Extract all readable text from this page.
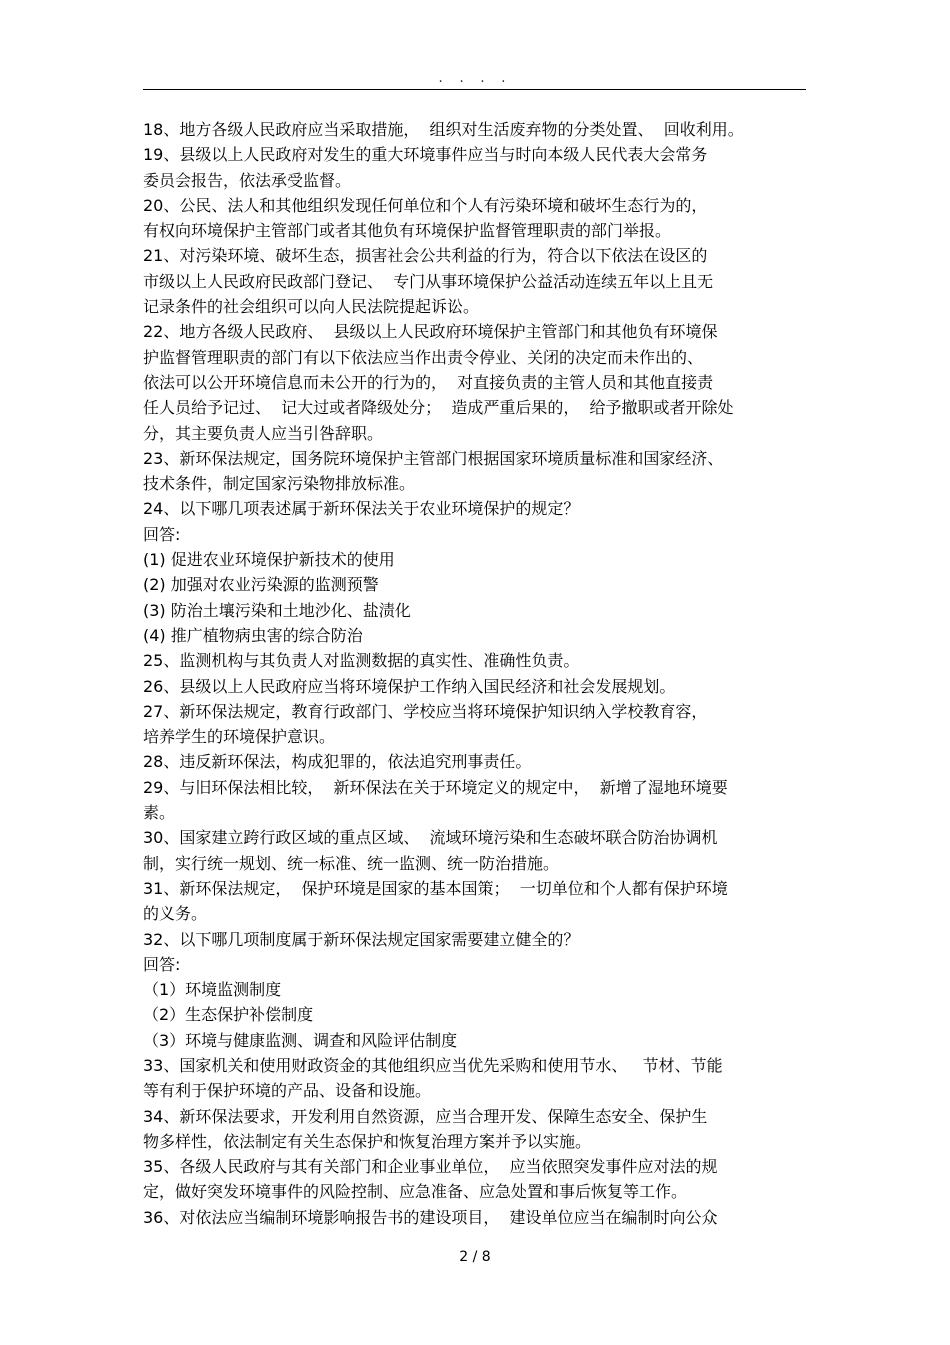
. . . .
18、地方各级人民政府应当采取措施，  组织对生活废弃物的分类处置、  回收利用。
19、县级以上人民政府对发生的重大环境事件应当与时向本级人民代表大会常务
委员会报告，依法承受监督。
20、公民、法人和其他组织发现任何单位和个人有污染环境和破坏生态行为的，
有权向环境保护主管部门或者其他负有环境保护监督管理职责的部门举报。
21、对污染环境、破坏生态，损害社会公共利益的行为，符合以下依法在设区的
市级以上人民政府民政部门登记、  专门从事环境保护公益活动连续五年以上且无
记录条件的社会组织可以向人民法院提起诉讼。
22、地方各级人民政府、  县级以上人民政府环境保护主管部门和其他负有环境保
护监督管理职责的部门有以下依法应当作出责令停业、关闭的决定而未作出的、
依法可以公开环境信息而未公开的行为的，  对直接负责的主管人员和其他直接责
任人员给予记过、  记大过或者降级处分；  造成严重后果的，  给予撤职或者开除处
分，其主要负责人应当引咎辞职。
23、新环保法规定，国务院环境保护主管部门根据国家环境质量标准和国家经济、
技术条件，制定国家污染物排放标准。
24、以下哪几项表述属于新环保法关于农业环境保护的规定？
回答:
(1) 促进农业环境保护新技术的使用
(2) 加强对农业污染源的监测预警
(3) 防治土壤污染和土地沙化、盐渍化
(4) 推广植物病虫害的综合防治
25、监测机构与其负责人对监测数据的真实性、准确性负责。
26、县级以上人民政府应当将环境保护工作纳入国民经济和社会发展规划。
27、新环保法规定，教育行政部门、学校应当将环境保护知识纳入学校教育容，
培养学生的环境保护意识。
28、违反新环保法，构成犯罪的，依法追究刑事责任。
29、与旧环保法相比较，  新环保法在关于环境定义的规定中，  新增了湿地环境要
素。
30、国家建立跨行政区域的重点区域、  流域环境污染和生态破坏联合防治协调机
制，实行统一规划、统一标准、统一监测、统一防治措施。
31、新环保法规定，  保护环境是国家的基本国策；  一切单位和个人都有保护环境
的义务。
32、以下哪几项制度属于新环保法规定国家需要建立健全的？
回答:
（1）环境监测制度
（2）生态保护补偿制度
（3）环境与健康监测、调查和风险评估制度
33、国家机关和使用财政资金的其他组织应当优先采购和使用节水、   节材、节能
等有利于保护环境的产品、设备和设施。
34、新环保法要求，开发利用自然资源，应当合理开发、保障生态安全、保护生
物多样性，依法制定有关生态保护和恢复治理方案并予以实施。
35、各级人民政府与其有关部门和企业事业单位，  应当依照突发事件应对法的规
定，做好突发环境事件的风险控制、应急准备、应急处置和事后恢复等工作。
36、对依法应当编制环境影响报告书的建设项目，  建设单位应当在编制时向公众
2 / 8
